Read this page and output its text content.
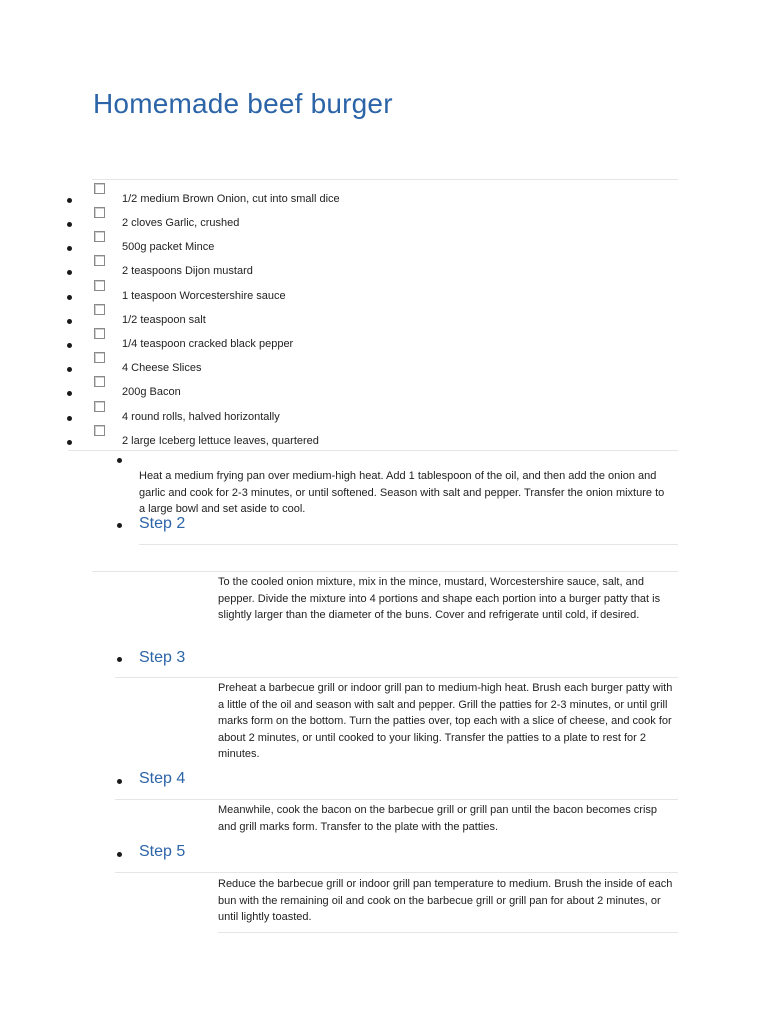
Homemade beef burger
1/2 medium Brown Onion, cut into small dice
2 cloves Garlic, crushed
500g packet Mince
2 teaspoons Dijon mustard
1 teaspoon Worcestershire sauce
1/2 teaspoon salt
1/4 teaspoon cracked black pepper
4 Cheese Slices
200g Bacon
4 round rolls, halved horizontally
2 large Iceberg lettuce leaves, quartered

Heat a medium frying pan over medium-high heat. Add 1 tablespoon of the oil, and then add the onion and garlic and cook for 2-3 minutes, or until softened. Season with salt and pepper. Transfer the onion mixture to a large bowl and set aside to cool.

Step 2

To the cooled onion mixture, mix in the mince, mustard, Worcestershire sauce, salt, and pepper. Divide the mixture into 4 portions and shape each portion into a burger patty that is slightly larger than the diameter of the buns. Cover and refrigerate until cold, if desired.

Step 3

Preheat a barbecue grill or indoor grill pan to medium-high heat. Brush each burger patty with a little of the oil and season with salt and pepper. Grill the patties for 2-3 minutes, or until grill marks form on the bottom. Turn the patties over, top each with a slice of cheese, and cook for about 2 minutes, or until cooked to your liking. Transfer the patties to a plate to rest for 2 minutes.

Step 4

Meanwhile, cook the bacon on the barbecue grill or grill pan until the bacon becomes crisp and grill marks form. Transfer to the plate with the patties.

Step 5

Reduce the barbecue grill or indoor grill pan temperature to medium. Brush the inside of each bun with the remaining oil and cook on the barbecue grill or grill pan for about 2 minutes, or until lightly toasted.
